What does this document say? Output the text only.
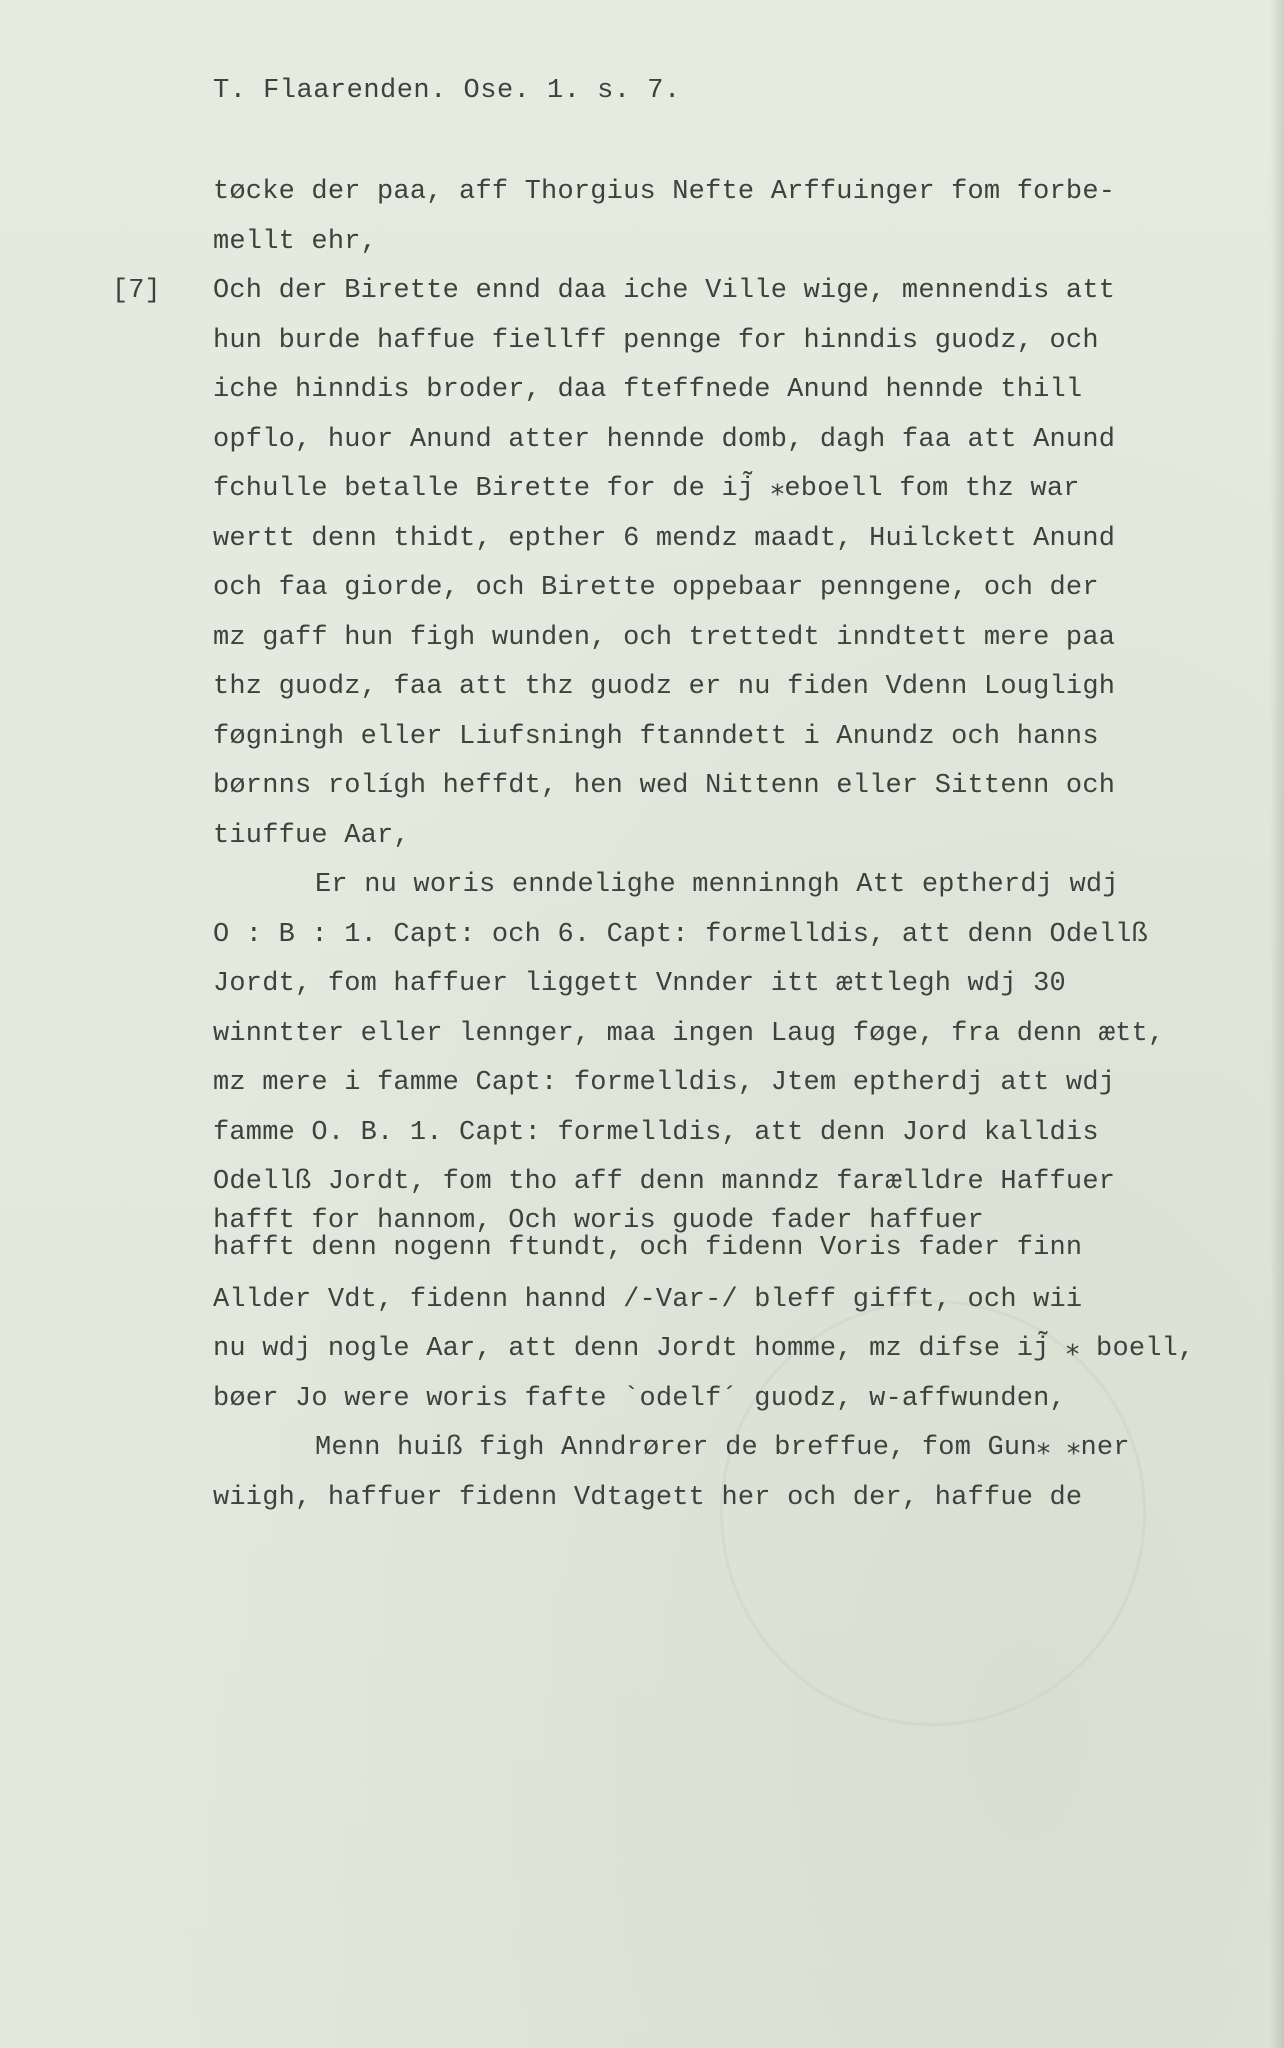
T. Flaarenden. Ose. 1. s. 7.
[7]
tøcke der paa, aff Thorgius Nefte Arffuinger fom forbe-
mellt ehr,
Och der Birette ennd daa iche Ville wige, mennendis att
hun burde haffue fiellff pennge for hinndis guodz, och
iche hinndis broder, daa fteffnede Anund hennde thill
opflo, huor Anund atter hennde domb, dagh faa att Anund
fchulle betalle Birette for de ij̃ ⁎eboell fom thz war
wertt denn thidt, epther 6 mendz maadt, Huilckett Anund
och faa giorde, och Birette oppebaar penngene, och der
mz gaff hun figh wunden, och trettedt inndtett mere paa
thz guodz, faa att thz guodz er nu fiden Vdenn Lougligh
føgningh eller Liufsningh ftanndett i Anundz och hanns
børnns rolígh heffdt, hen wed Nittenn eller Sittenn och
tiuffue Aar,
Er nu woris enndelighe menninngh Att eptherdj wdj
O : B : 1. Capt: och 6. Capt: formelldis, att denn Odellß
Jordt, fom haffuer liggett Vnnder itt ættlegh wdj 30
winntter eller lennger, maa ingen Laug føge, fra denn ætt,
mz mere i famme Capt: formelldis, Jtem eptherdj att wdj
famme O. B. 1. Capt: formelldis, att denn Jord kalldis
Odellß Jordt, fom tho aff denn manndz farælldre Haffuer
hafft for hannom, Och woris guode fader haffuer
hafft denn nogenn ftundt, och fidenn Voris fader finn
Allder Vdt, fidenn hannd /-Var-/ bleff gifft, och wii
nu wdj nogle Aar, att denn Jordt homme, mz difse ij̃ ⁎ boell,
bøer Jo were woris fafte `odelf´ guodz, w-affwunden,
Menn huiß figh Anndrører de breffue, fom Gun⁎ ⁎ner
wiigh, haffuer fidenn Vdtagett her och der, haffue de
